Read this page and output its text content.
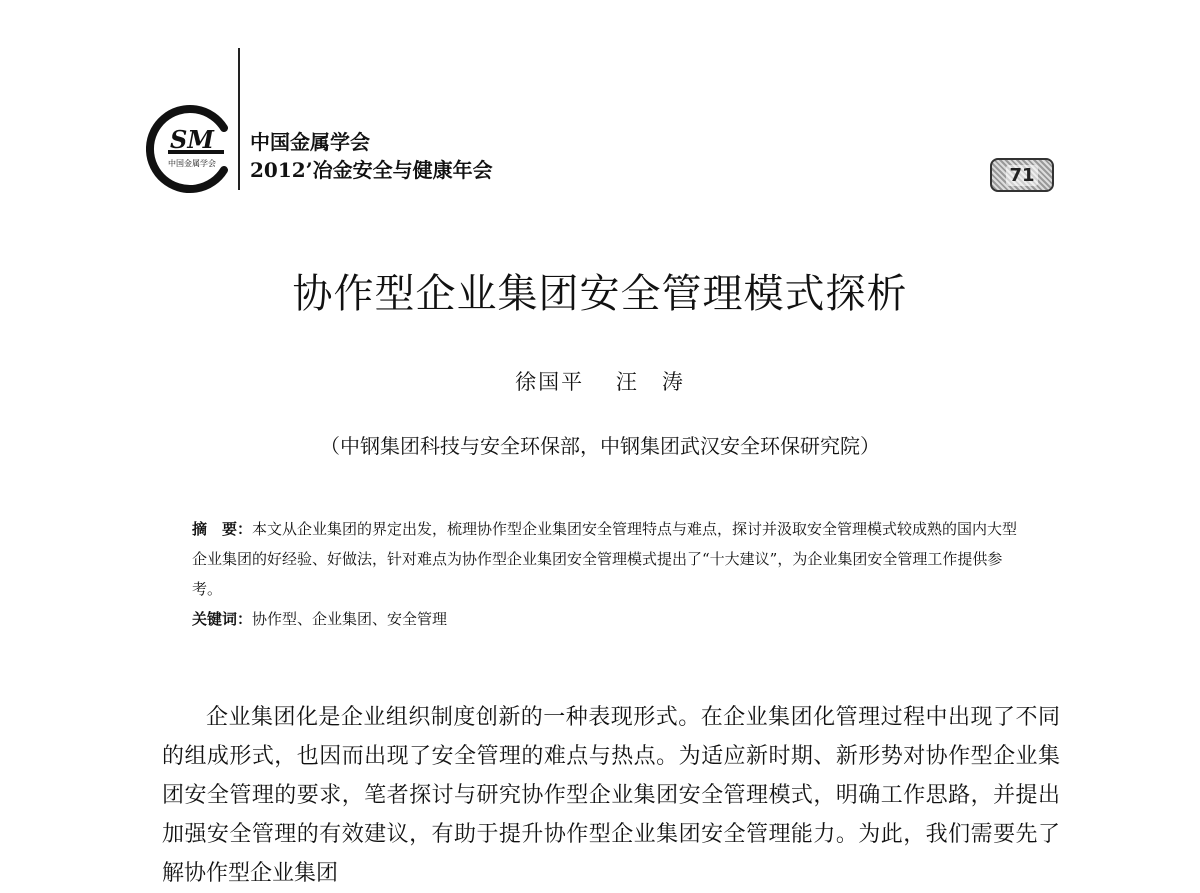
SM
中国金属学会
中国金属学会
2012’冶金安全与健康年会	71
协作型企业集团安全管理模式探析
徐国平　 汪　涛
（中钢集团科技与安全环保部，中钢集团武汉安全环保研究院）

摘　要：本文从企业集团的界定出发，梳理协作型企业集团安全管理特点与难点，探讨并汲取安全管理模式较成熟的国内大型企业集团的好经验、好做法，针对难点为协作型企业集团安全管理模式提出了“十大建议”，为企业集团安全管理工作提供参考。

关键词：协作型、企业集团、安全管理

企业集团化是企业组织制度创新的一种表现形式。在企业集团化管理过程中出现了不同的组成形式，也因而出现了安全管理的难点与热点。为适应新时期、新形势对协作型企业集团安全管理的要求，笔者探讨与研究协作型企业集团安全管理模式，明确工作思路，并提出加强安全管理的有效建议，有助于提升协作型企业集团安全管理能力。为此，我们需要先了解协作型企业集团
